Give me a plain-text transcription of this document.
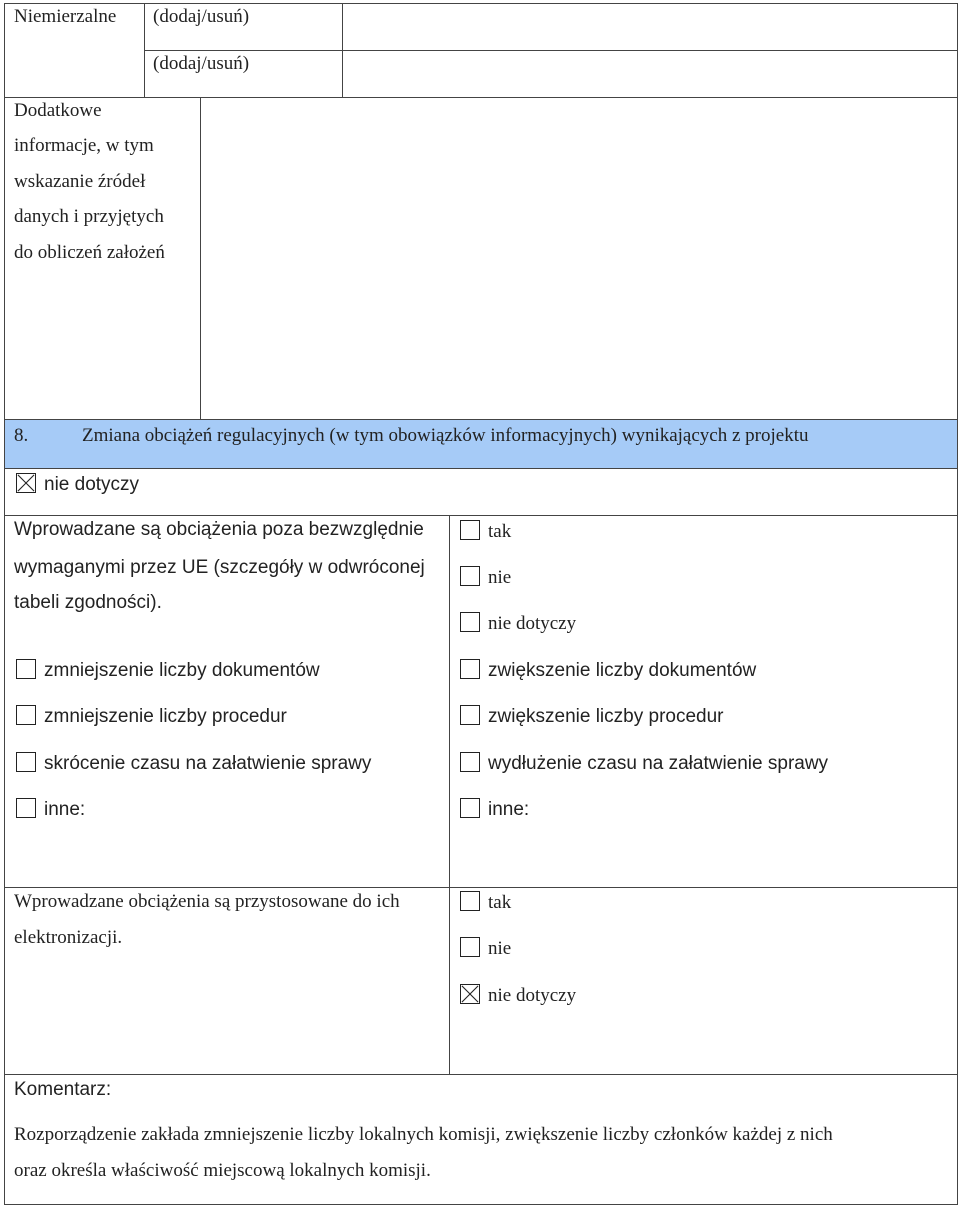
Niemierzalne (dodaj/usuń)
(dodaj/usuń)
Dodatkowe
informacje, w tym
wskazanie źródeł
danych i przyjętych
do obliczeń założeń
8.	Zmiana obciążeń regulacyjnych (w tym obowiązków informacyjnych) wynikających z projektu
nie dotyczy
Wprowadzane są obciążenia poza bezwzględnie
wymaganymi przez UE (szczegóły w odwróconej
tabeli zgodności).
tak
nie
nie dotyczy
zmniejszenie liczby dokumentów
zmniejszenie liczby procedur
skrócenie czasu na załatwienie sprawy
inne:
zwiększenie liczby dokumentów
zwiększenie liczby procedur
wydłużenie czasu na załatwienie sprawy
inne:
Wprowadzane obciążenia są przystosowane do ich
elektronizacji.
tak
nie
nie dotyczy
Komentarz:
Rozporządzenie zakłada zmniejszenie liczby lokalnych komisji, zwiększenie liczby członków każdej z nich
oraz określa właściwość miejscową lokalnych komisji.
